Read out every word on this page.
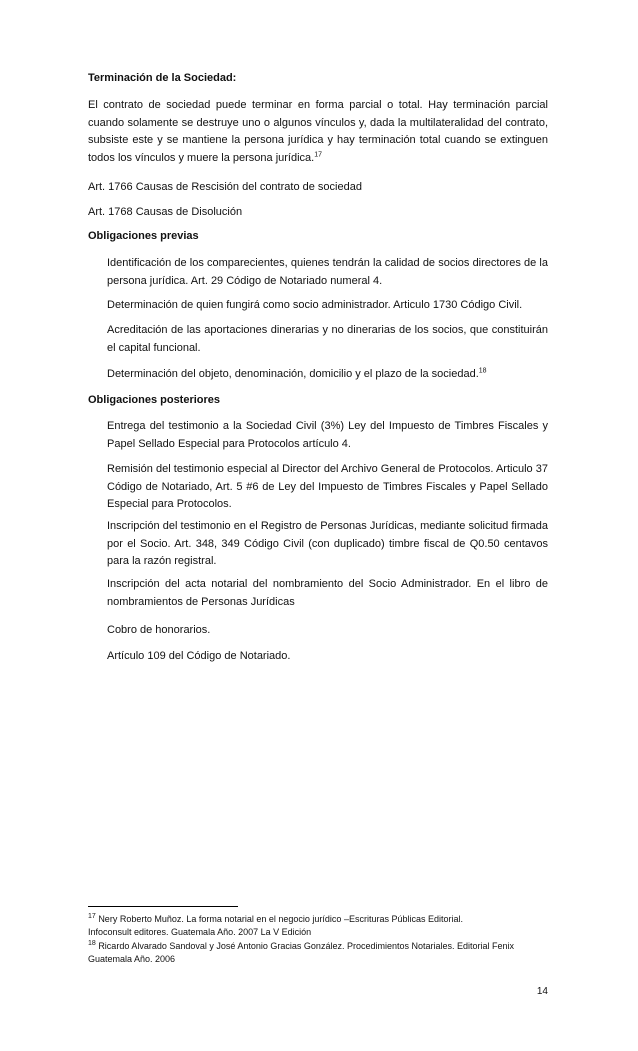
Terminación de la Sociedad:
El contrato de sociedad puede terminar en forma parcial o total. Hay terminación parcial cuando solamente se destruye uno o algunos vínculos y, dada la multilateralidad del contrato, subsiste este y se mantiene la persona jurídica y hay terminación total cuando se extinguen todos los vínculos y muere la persona jurídica.$^{17}$
Art. 1766 Causas de Rescisión del contrato de sociedad
Art. 1768 Causas de Disolución
Obligaciones previas
Identificación de los comparecientes, quienes tendrán la calidad de socios directores de la persona jurídica. Art. 29 Código de Notariado numeral 4.
Determinación de quien fungirá como socio administrador. Articulo 1730 Código Civil.
Acreditación de las aportaciones dinerarias y no dinerarias de los socios, que constituirán el capital funcional.
Determinación del objeto, denominación, domicilio y el plazo de la sociedad.$^{18}$
Obligaciones posteriores
Entrega del testimonio a la Sociedad Civil (3%) Ley del Impuesto de Timbres Fiscales y Papel Sellado Especial para Protocolos artículo 4.
Remisión del testimonio especial al Director del Archivo General de Protocolos. Articulo 37 Código de Notariado, Art. 5 #6 de Ley del Impuesto de Timbres Fiscales y Papel Sellado Especial para Protocolos.
Inscripción del testimonio en el Registro de Personas Jurídicas, mediante solicitud firmada por el Socio. Art. 348, 349 Código Civil (con duplicado) timbre fiscal de Q0.50 centavos para la razón registral.
Inscripción del acta notarial del nombramiento del Socio Administrador. En el libro de nombramientos de Personas Jurídicas
Cobro de honorarios.
Artículo 109 del Código de Notariado.
$^{17}$ Nery Roberto Muñoz. La forma notarial en el negocio jurídico –Escrituras Públicas Editorial.
Infoconsult editores. Guatemala Año. 2007 La V Edición
$^{18}$ Ricardo Alvarado Sandoval y José Antonio Gracias González. Procedimientos Notariales. Editorial Fenix
Guatemala Año. 2006
14
